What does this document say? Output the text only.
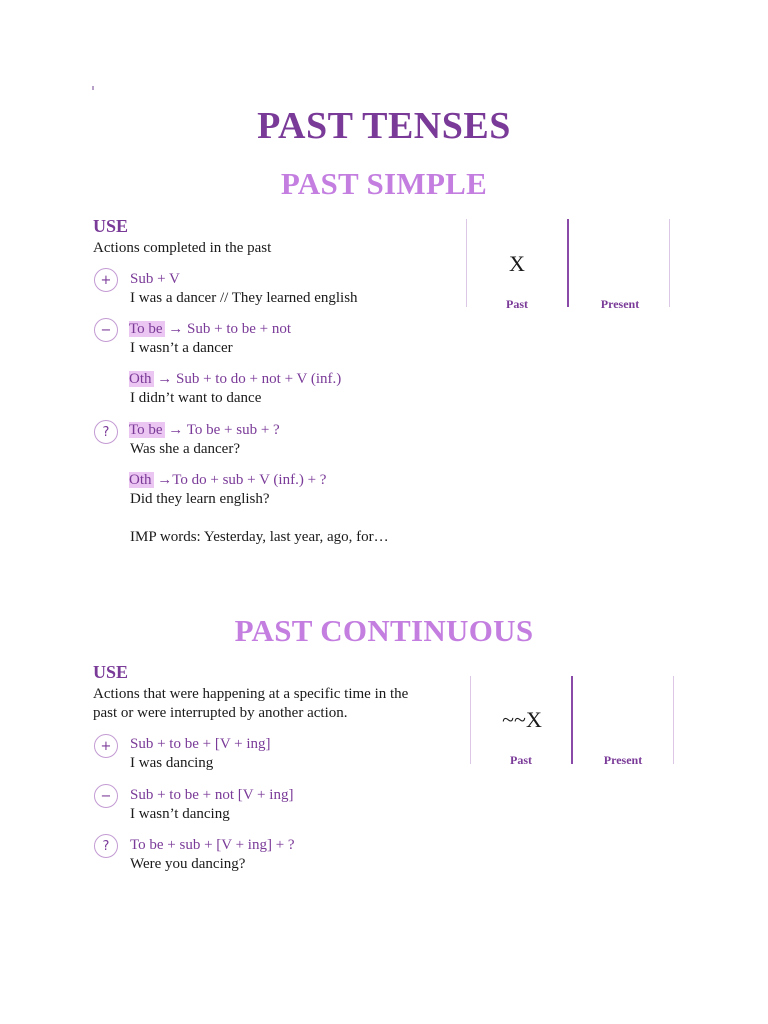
PAST TENSES
PAST SIMPLE
USE
Actions completed in the past
X
Past	Present
+	Sub + V
I was a dancer // They learned english
−	To be → Sub + to be + not
I wasn’t a dancer
Oth → Sub + to do + not + V (inf.)
I didn’t want to dance
?	To be → To be + sub + ?
Was she a dancer?
Oth →To do + sub + V (inf.) + ?
Did they learn english?
IMP words: Yesterday, last year, ago, for…
PAST CONTINUOUS
USE
Actions that were happening at a specific time in the
past or were interrupted by another action.	~~X
Past	Present
+	Sub + to be + [V + ing]
I was dancing
−	Sub + to be + not [V + ing]
I wasn’t dancing
?	To be + sub + [V + ing] + ?
Were you dancing?
